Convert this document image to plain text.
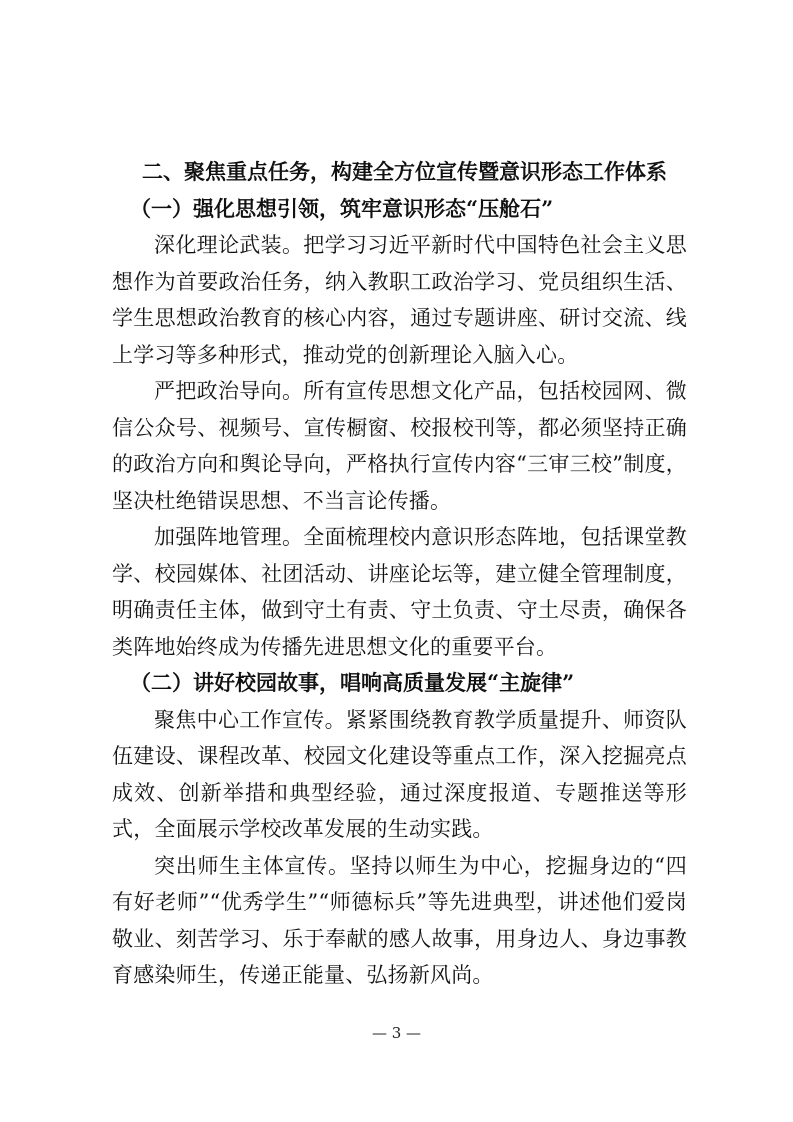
二、聚焦重点任务，构建全方位宣传暨意识形态工作体系

（一）强化思想引领，筑牢意识形态“压舱石”

深化理论武装。把学习习近平新时代中国特色社会主义思想作为首要政治任务，纳入教职工政治学习、党员组织生活、学生思想政治教育的核心内容，通过专题讲座、研讨交流、线上学习等多种形式，推动党的创新理论入脑入心。

严把政治导向。所有宣传思想文化产品，包括校园网、微信公众号、视频号、宣传橱窗、校报校刊等，都必须坚持正确的政治方向和舆论导向，严格执行宣传内容“三审三校”制度，坚决杜绝错误思想、不当言论传播。

加强阵地管理。全面梳理校内意识形态阵地，包括课堂教学、校园媒体、社团活动、讲座论坛等，建立健全管理制度，明确责任主体，做到守土有责、守土负责、守土尽责，确保各类阵地始终成为传播先进思想文化的重要平台。

（二）讲好校园故事，唱响高质量发展“主旋律”

聚焦中心工作宣传。紧紧围绕教育教学质量提升、师资队伍建设、课程改革、校园文化建设等重点工作，深入挖掘亮点成效、创新举措和典型经验，通过深度报道、专题推送等形式，全面展示学校改革发展的生动实践。

突出师生主体宣传。坚持以师生为中心，挖掘身边的“四有好老师”“优秀学生”“师德标兵”等先进典型，讲述他们爱岗敬业、刻苦学习、乐于奉献的感人故事，用身边人、身边事教育感染师生，传递正能量、弘扬新风尚。

— 3 —
